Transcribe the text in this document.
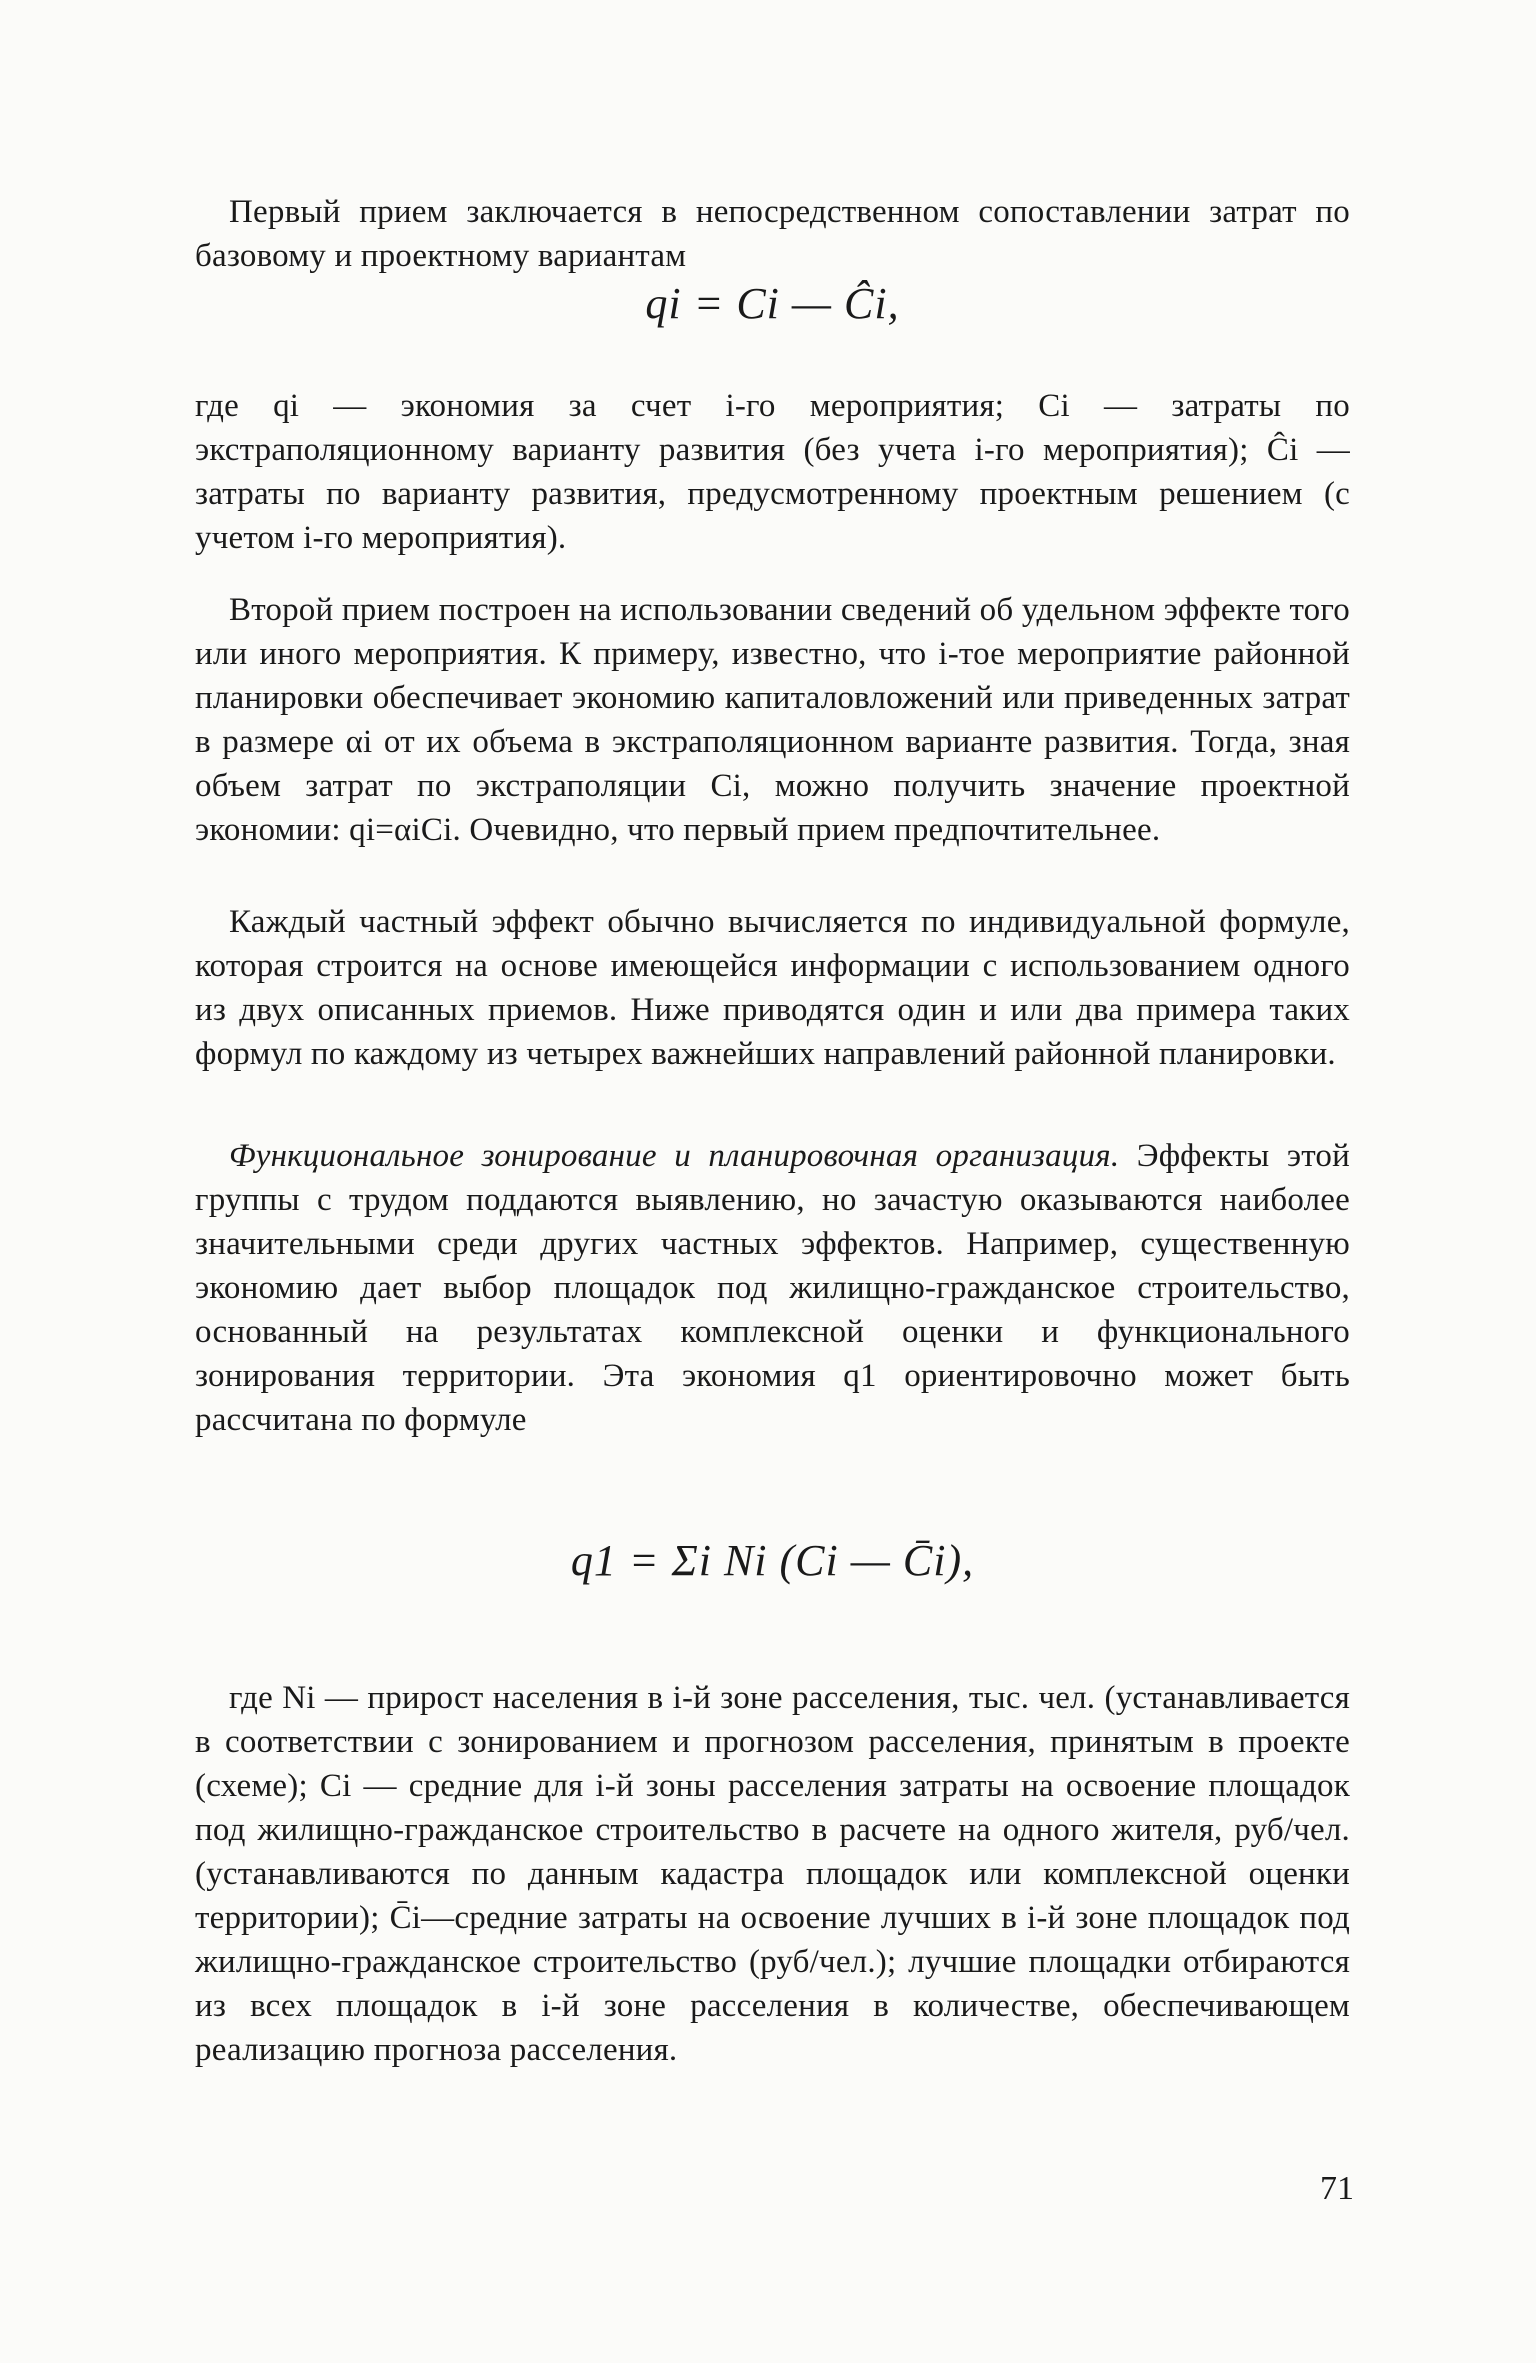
Первый прием заключается в непосредственном сопоставлении затрат по базовому и проектному вариантам

qi = Ci — Ĉi,

где qi — экономия за счет i-го мероприятия; Ci — затраты по экстраполяционному варианту развития (без учета i-го мероприятия); Ĉi — затраты по варианту развития, предусмотренному проектным решением (с учетом i-го мероприятия).

Второй прием построен на использовании сведений об удельном эффекте того или иного мероприятия. К примеру, известно, что i-тое мероприятие районной планировки обеспечивает экономию капиталовложений или приведенных затрат в размере αi от их объема в экстраполяционном варианте развития. Тогда, зная объем затрат по экстраполяции Ci, можно получить значение проектной экономии: qi=αiCi. Очевидно, что первый прием предпочтительнее.

Каждый частный эффект обычно вычисляется по индивидуальной формуле, которая строится на основе имеющейся информации с использованием одного из двух описанных приемов. Ниже приводятся один и или два примера таких формул по каждому из четырех важнейших направлений районной планировки.

Функциональное зонирование и планировочная организация. Эффекты этой группы с трудом поддаются выявлению, но зачастую оказываются наиболее значительными среди других частных эффектов. Например, существенную экономию дает выбор площадок под жилищно-гражданское строительство, основанный на результатах комплексной оценки и функционального зонирования территории. Эта экономия q1 ориентировочно может быть рассчитана по формуле

q1 = Σi Ni (Ci — C̄i),

где Ni — прирост населения в i-й зоне расселения, тыс. чел. (устанавливается в соответствии с зонированием и прогнозом расселения, принятым в проекте (схеме); Ci — средние для i-й зоны расселения затраты на освоение площадок под жилищно-гражданское строительство в расчете на одного жителя, руб/чел. (устанавливаются по данным кадастра площадок или комплексной оценки территории); C̄i—средние затраты на освоение лучших в i-й зоне площадок под жилищно-гражданское строительство (руб/чел.); лучшие площадки отбираются из всех площадок в i-й зоне расселения в количестве, обеспечивающем реализацию прогноза расселения.

71
